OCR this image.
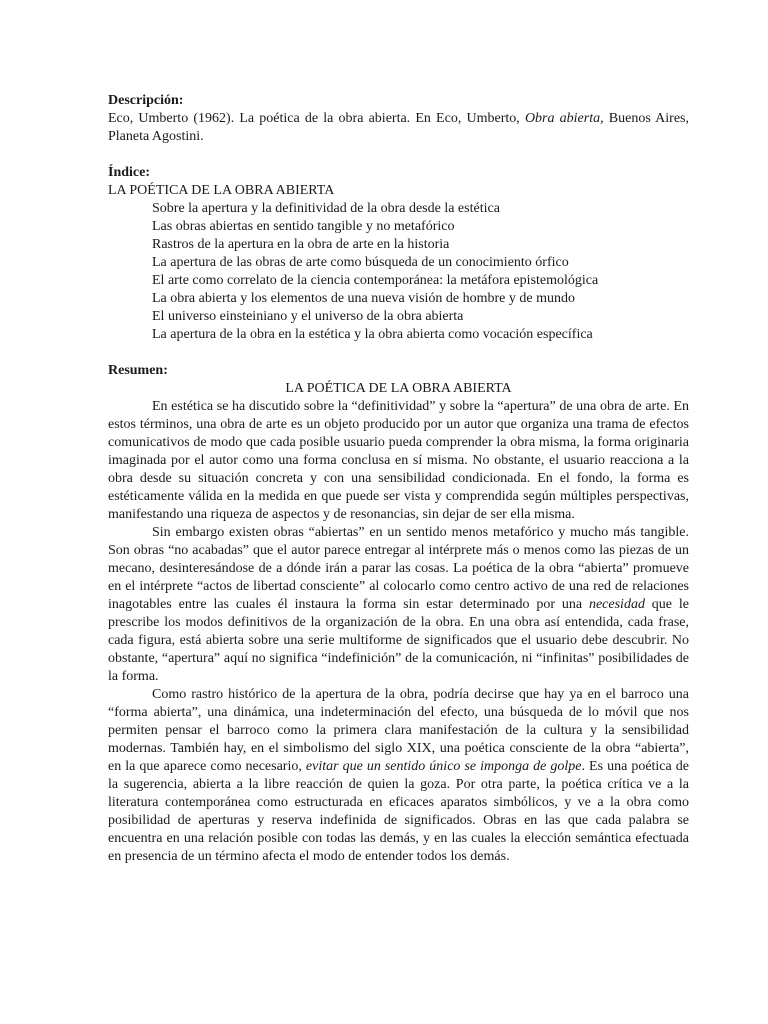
Descripción:

Eco, Umberto (1962). La poética de la obra abierta. En Eco, Umberto, Obra abierta, Buenos Aires, Planeta Agostini.

Índice:

LA POÉTICA DE LA OBRA ABIERTA

Sobre la apertura y la definitividad de la obra desde la estética
Las obras abiertas en sentido tangible y no metafórico
Rastros de la apertura en la obra de arte en la historia
La apertura de las obras de arte como búsqueda de un conocimiento órfico
El arte como correlato de la ciencia contemporánea: la metáfora epistemológica
La obra abierta y los elementos de una nueva visión de hombre y de mundo
El universo einsteiniano y el universo de la obra abierta
La apertura de la obra en la estética y la obra abierta como vocación específica

Resumen:

LA POÉTICA DE LA OBRA ABIERTA

En estética se ha discutido sobre la “definitividad” y sobre la “apertura” de una obra de arte. En estos términos, una obra de arte es un objeto producido por un autor que organiza una trama de efectos comunicativos de modo que cada posible usuario pueda comprender la obra misma, la forma originaria imaginada por el autor como una forma conclusa en sí misma. No obstante, el usuario reacciona a la obra desde su situación concreta y con una sensibilidad condicionada. En el fondo, la forma es estéticamente válida en la medida en que puede ser vista y comprendida según múltiples perspectivas, manifestando una riqueza de aspectos y de resonancias, sin dejar de ser ella misma.

Sin embargo existen obras “abiertas” en un sentido menos metafórico y mucho más tangible. Son obras “no acabadas” que el autor parece entregar al intérprete más o menos como las piezas de un mecano, desinteresándose de a dónde irán a parar las cosas. La poética de la obra “abierta” promueve en el intérprete “actos de libertad consciente” al colocarlo como centro activo de una red de relaciones inagotables entre las cuales él instaura la forma sin estar determinado por una necesidad que le prescribe los modos definitivos de la organización de la obra. En una obra así entendida, cada frase, cada figura, está abierta sobre una serie multiforme de significados que el usuario debe descubrir. No obstante, “apertura” aquí no significa “indefinición” de la comunicación, ni “infinitas” posibilidades de la forma.

Como rastro histórico de la apertura de la obra, podría decirse que hay ya en el barroco una “forma abierta”, una dinámica, una indeterminación del efecto, una búsqueda de lo móvil que nos permiten pensar el barroco como la primera clara manifestación de la cultura y la sensibilidad modernas. También hay, en el simbolismo del siglo XIX, una poética consciente de la obra “abierta”, en la que aparece como necesario, evitar que un sentido único se imponga de golpe. Es una poética de la sugerencia, abierta a la libre reacción de quien la goza. Por otra parte, la poética crítica ve a la literatura contemporánea como estructurada en eficaces aparatos simbólicos, y ve a la obra como posibilidad de aperturas y reserva indefinida de significados. Obras en las que cada palabra se encuentra en una relación posible con todas las demás, y en las cuales la elección semántica efectuada en presencia de un término afecta el modo de entender todos los demás.
